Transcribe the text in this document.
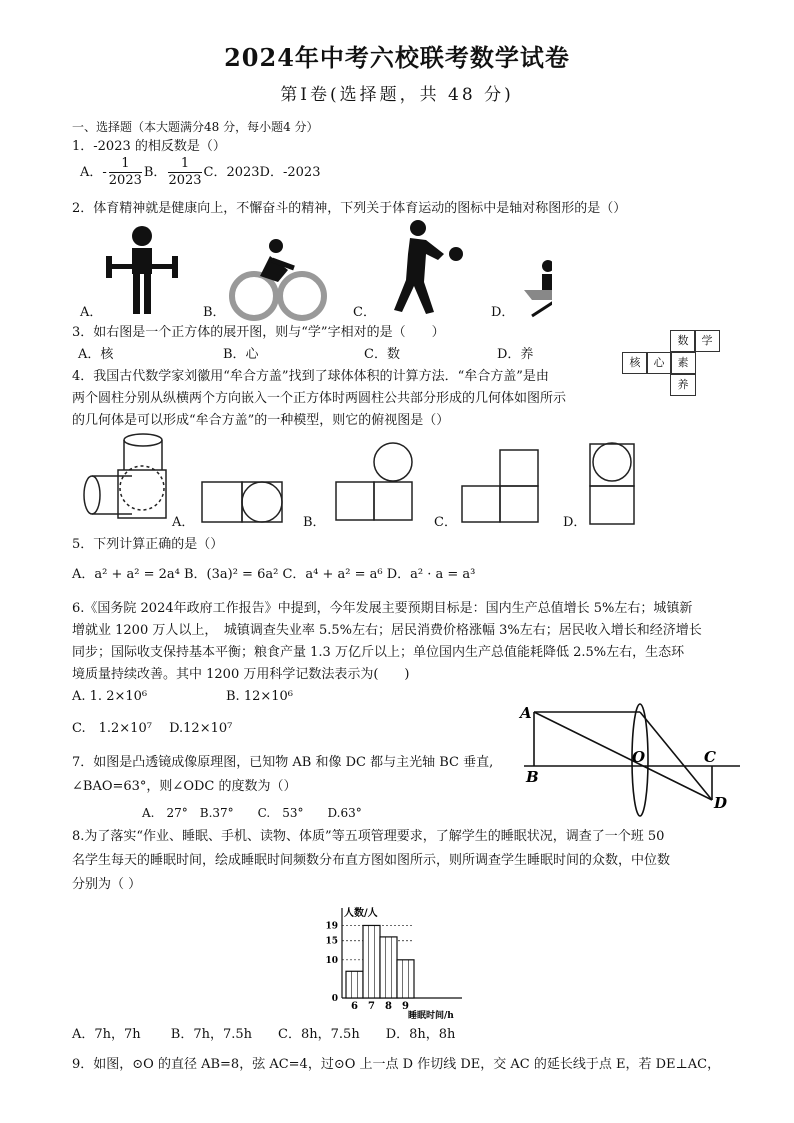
2024年中考六校联考数学试卷
第Ⅰ卷(选择题，共 48 分)
一、选择题（本大题满分48 分，每小题4 分）
1．-2023 的相反数是（）
A．- $\frac{1}{2023}$ B． $\frac{1}{2023}$ C．2023D．-2023
2．体育精神就是健康向上，不懈奋斗的精神，下列关于体育运动的图标中是轴对称图形的是（）
A．	B．	C．	D．
3．如右图是一个正方体的展开图，则与“学”字相对的是（　　）
A．核	B．心	C．数	D．养
数	学
核	心	素
养
4．我国古代数学家刘徽用“牟合方盖”找到了球体体积的计算方法．“牟合方盖”是由
两个圆柱分别从纵横两个方向嵌入一个正方体时两圆柱公共部分形成的几何体如图所示
的几何体是可以形成“牟合方盖”的一种模型，则它的俯视图是（）
A．	B．	C．	D．
5．下列计算正确的是（）
A．a² + a² = 2a⁴ B．(3a)² = 6a² C．a⁴ + a² = a⁶ D．a² · a = a³
6.《国务院 2024年政府工作报告》中提到，今年发展主要预期目标是：国内生产总值增长 5%左右；城镇新
增就业 1200 万人以上，　城镇调查失业率 5.5%左右；居民消费价格涨幅 3%左右；居民收入增长和经济增长
同步；国际收支保持基本平衡；粮食产量 1.3 万亿斤以上；单位国内生产总值能耗降低 2.5%左右，生态环
境质量持续改善。其中 1200 万用科学记数法表示为(　　)
A. 1. 2×10⁶	B. 12×10⁶
C.　1.2×10⁷　 D.12×10⁷
A
B
O	C
D
7．如图是凸透镜成像原理图，已知物 AB 和像 DC 都与主光轴 BC 垂直,
∠BAO=63°，则∠ODC 的度数为（）
A.　27°　B.37°　　C.　53°　　D.63°
8.为了落实“作业、睡眠、手机、读物、体质”等五项管理要求，了解学生的睡眠状况，调查了一个班 50
名学生每天的睡眠时间，绘成睡眠时间频数分布直方图如图所示，则所调查学生睡眠时间的众数，中位数
分别为（ ）
人数/人
睡眠时间/h
0
10
15
19
6 7 8 9
A．7h，7h　　 B．7h，7.5h　　C．8h，7.5h　　D．8h，8h
9．如图，⊙O 的直径 AB=8，弦 AC=4，过⊙O 上一点 D 作切线 DE，交 AC 的延长线于点 E，若 DE⊥AC，
